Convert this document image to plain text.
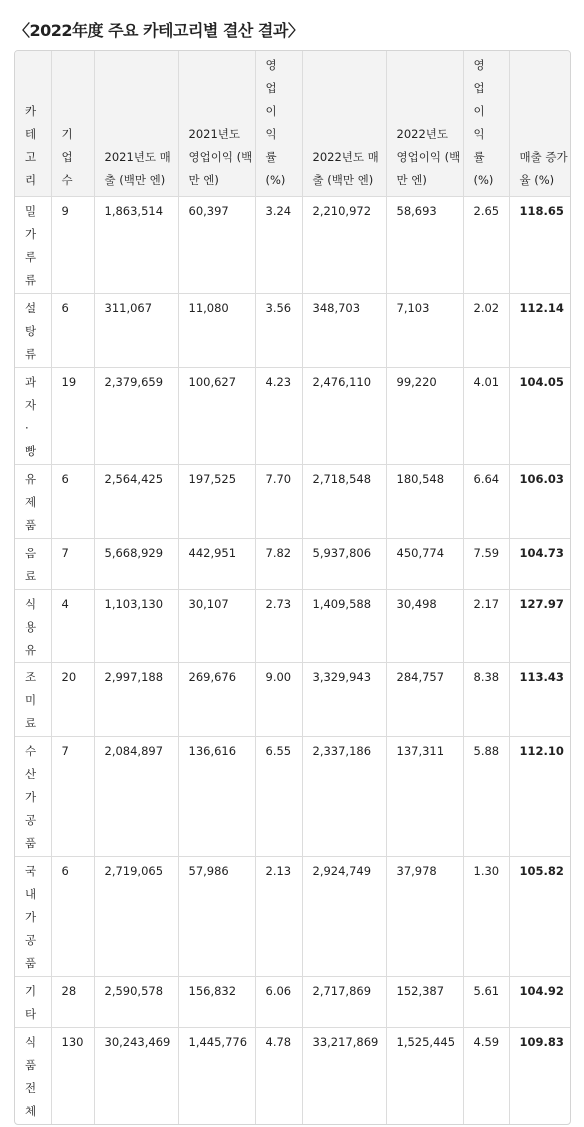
〈2022年度 주요 카테고리별 결산 결과〉
카테고리	기업수	2021년도 매출 (백만 엔)	2021년도 영업이익 (백만 엔)	영업이익률 (%)	2022년도 매출 (백만 엔)	2022년도 영업이익 (백만 엔)	영업이익률 (%)	매출 증가율 (%)
밀가루류	9	1,863,514	60,397	3.24	2,210,972	58,693	2.65	118.65
설탕류	6	311,067	11,080	3.56	348,703	7,103	2.02	112.14
과자·빵	19	2,379,659	100,627	4.23	2,476,110	99,220	4.01	104.05
유제품	6	2,564,425	197,525	7.70	2,718,548	180,548	6.64	106.03
음료	7	5,668,929	442,951	7.82	5,937,806	450,774	7.59	104.73
식용유	4	1,103,130	30,107	2.73	1,409,588	30,498	2.17	127.97
조미료	20	2,997,188	269,676	9.00	3,329,943	284,757	8.38	113.43
수산가공품	7	2,084,897	136,616	6.55	2,337,186	137,311	5.88	112.10
국내가공품	6	2,719,065	57,986	2.13	2,924,749	37,978	1.30	105.82
기타	28	2,590,578	156,832	6.06	2,717,869	152,387	5.61	104.92
식품전체	130	30,243,469	1,445,776	4.78	33,217,869	1,525,445	4.59	109.83
